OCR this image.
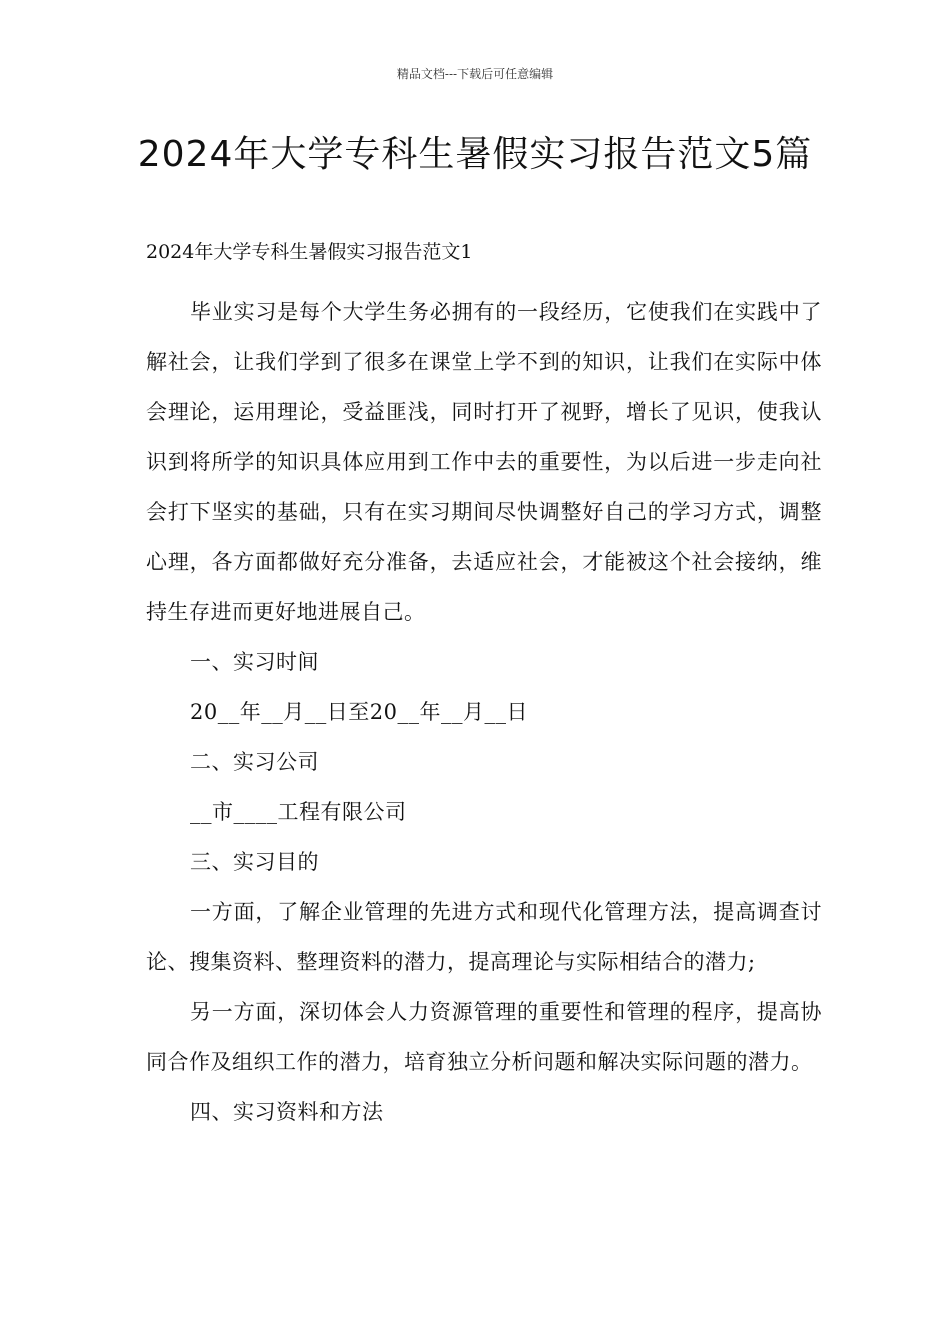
精品文档---下载后可任意编辑
2024年大学专科生暑假实习报告范文5篇

2024年大学专科生暑假实习报告范文1

毕业实习是每个大学生务必拥有的一段经历，它使我们在实践中了解社会，让我们学到了很多在课堂上学不到的知识，让我们在实际中体会理论，运用理论，受益匪浅，同时打开了视野，增长了见识，使我认识到将所学的知识具体应用到工作中去的重要性，为以后进一步走向社会打下坚实的基础，只有在实习期间尽快调整好自己的学习方式，调整心理，各方面都做好充分准备，去适应社会，才能被这个社会接纳，维持生存进而更好地进展自己。

一、实习时间

20__年__月__日至20__年__月__日

二、实习公司

__市____工程有限公司

三、实习目的

一方面，了解企业管理的先进方式和现代化管理方法，提高调查讨论、搜集资料、整理资料的潜力，提高理论与实际相结合的潜力;

另一方面，深切体会人力资源管理的重要性和管理的程序，提高协同合作及组织工作的潜力，培育独立分析问题和解决实际问题的潜力。

四、实习资料和方法
